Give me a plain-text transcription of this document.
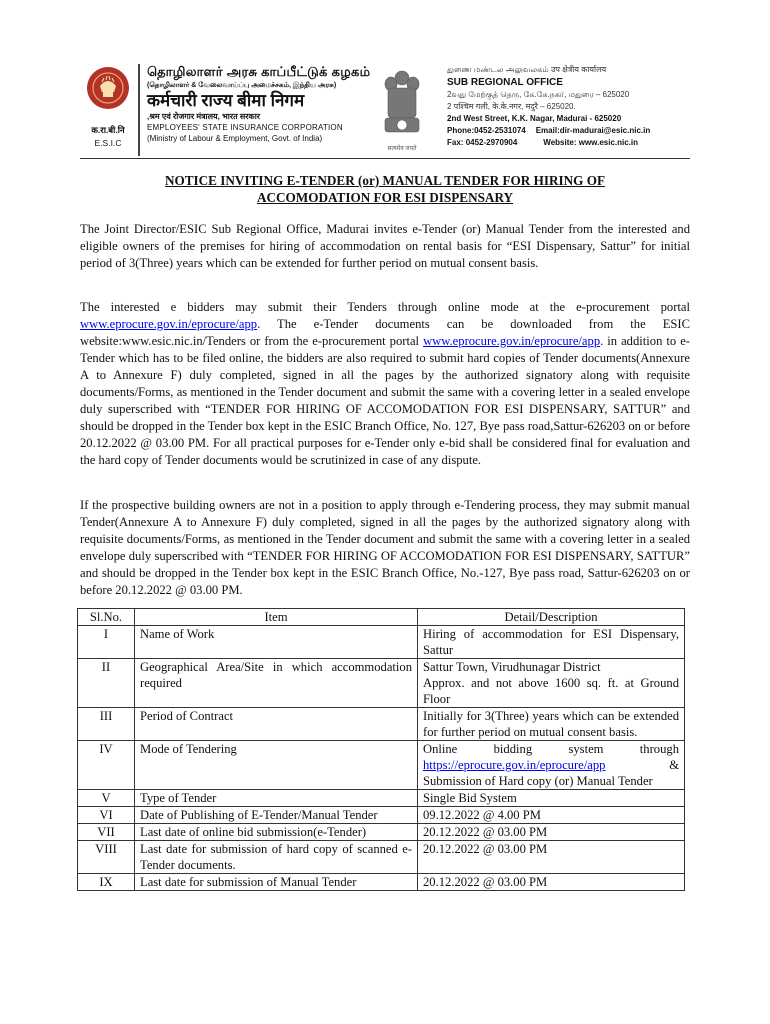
क.रा.बी.नि
E.S.I.C
தொழிலாளர் அரசு காப்பீட்டுக் கழகம்
(தொழிலாளர் & வேலைவாய்ப்பு அமைச்சகம், இந்திய அரசு)
कर्मचारी राज्य बीमा निगम
,श्रम एवं रोजगार मंत्रालय, भारत सरकार
EMPLOYEES' STATE INSURANCE CORPORATION
(Ministry of Labour & Employment, Govt. of India)
सत्यमेव जयते
துணை மண்டல அலுவலகம் उप क्षेत्रीय कार्यालय
SUB REGIONAL OFFICE
2வது மேற்குத் தெரு, கே.கே.நகர், மதுரை – 625020
2 पश्चिम गली, के.के.नगर, मदुरै – 625020.
2nd West Street, K.K. Nagar, Madurai - 625020
Phone:0452-2531074 Email:dir-madurai@esic.nic.in
Fax: 0452-2970904	Website: www.esic.nic.in
NOTICE INVITING E-TENDER (or) MANUAL TENDER FOR HIRING OF
ACCOMODATION FOR ESI DISPENSARY
The Joint Director/ESIC Sub Regional Office, Madurai invites e-Tender (or) Manual Tender from the interested and eligible owners of the premises for hiring of accommodation on rental basis for “ESI Dispensary, Sattur” for initial period of 3(Three) years which can be extended for further period on mutual consent basis.
The interested e bidders may submit their Tenders through online mode at the e-procurement portal www.eprocure.gov.in/eprocure/app. The e-Tender documents can be downloaded from the ESIC website:www.esic.nic.in/Tenders or from the e-procurement portal www.eprocure.gov.in/eprocure/app. in addition to e-Tender which has to be filed online, the bidders are also required to submit hard copies of Tender documents(Annexure A to Annexure F) duly completed, signed in all the pages by the authorized signatory along with requisite documents/Forms, as mentioned in the Tender document and submit the same with a covering letter in a sealed envelope duly superscribed with “TENDER FOR HIRING OF ACCOMODATION FOR ESI DISPENSARY, SATTUR” and should be dropped in the Tender box kept in the ESIC Branch Office, No. 127, Bye pass road,Sattur-626203 on or before 20.12.2022 @ 03.00 PM. For all practical purposes for e-Tender only e-bid shall be considered final for evaluation and the hard copy of Tender documents would be scrutinized in case of any dispute.
If the prospective building owners are not in a position to apply through e-Tendering process, they may submit manual Tender(Annexure A to Annexure F) duly completed, signed in all the pages by the authorized signatory along with requisite documents/Forms, as mentioned in the Tender document and submit the same with a covering letter in a sealed envelope duly superscribed with “TENDER FOR HIRING OF ACCOMODATION FOR ESI DISPENSARY, SATTUR” and should be dropped in the Tender box kept in the ESIC Branch Office, No.-127, Bye pass road, Sattur-626203 on or before 20.12.2022 @ 03.00 PM.
Sl.No.	Item	Detail/Description
I	Name of Work	Hiring of accommodation for ESI Dispensary, Sattur
II	Geographical Area/Site in which accommodation required	Sattur Town, Virudhunagar District
Approx. and not above 1600 sq. ft. at Ground Floor

III	Period of Contract	Initially for 3(Three) years which can be extended for further period on mutual consent basis.
IV	Mode of Tendering	Online bidding system through https://eprocure.gov.in/eprocure/app & Submission of Hard copy (or) Manual Tender
V	Type of Tender	Single Bid System
VI	Date of Publishing of E-Tender/Manual Tender	09.12.2022 @ 4.00 PM
VII	Last date of online bid submission(e-Tender)	20.12.2022 @ 03.00 PM
VIII	Last date for submission of hard copy of scanned e-Tender documents.	20.12.2022 @ 03.00 PM
IX	Last date for submission of Manual Tender	20.12.2022 @ 03.00 PM
